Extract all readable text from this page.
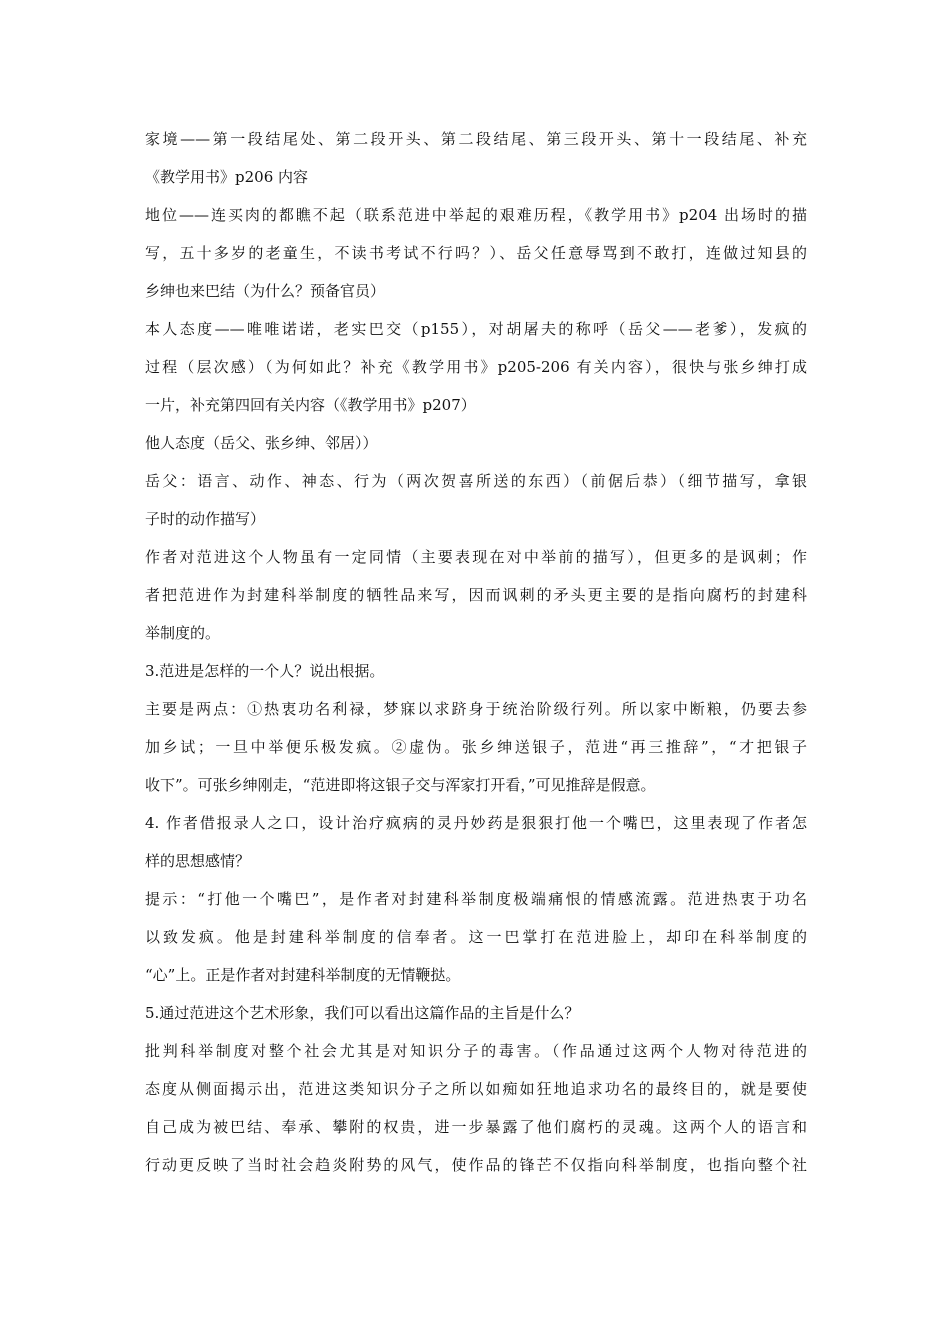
家境——第一段结尾处、第二段开头、第二段结尾、第三段开头、第十一段结尾、补充
《教学用书》p206 内容
地位——连买肉的都瞧不起（联系范进中举起的艰难历程，《教学用书》p204 出场时的描
写，五十多岁的老童生，不读书考试不行吗？）、岳父任意辱骂到不敢打，连做过知县的
乡绅也来巴结（为什么？预备官员）
本人态度——唯唯诺诺，老实巴交（p155），对胡屠夫的称呼（岳父——老爹），发疯的
过程（层次感）（为何如此？补充《教学用书》p205-206 有关内容），很快与张乡绅打成
一片，补充第四回有关内容（《教学用书》p207）
他人态度（岳父、张乡绅、邻居））
岳父：语言、动作、神态、行为（两次贺喜所送的东西）（前倨后恭）（细节描写，拿银
子时的动作描写）
作者对范进这个人物虽有一定同情（主要表现在对中举前的描写），但更多的是讽刺；作
者把范进作为封建科举制度的牺牲品来写，因而讽刺的矛头更主要的是指向腐朽的封建科
举制度的。
3.范进是怎样的一个人？说出根据。
主要是两点：①热衷功名利禄，梦寐以求跻身于统治阶级行列。所以家中断粮，仍要去参
加乡试；一旦中举便乐极发疯。②虚伪。张乡绅送银子，范进“再三推辞”，“才把银子
收下”。可张乡绅刚走，“范进即将这银子交与浑家打开看，”可见推辞是假意。
4. 作者借报录人之口，设计治疗疯病的灵丹妙药是狠狠打他一个嘴巴，这里表现了作者怎
样的思想感情？
提示：“打他一个嘴巴”，是作者对封建科举制度极端痛恨的情感流露。范进热衷于功名
以致发疯。他是封建科举制度的信奉者。这一巴掌打在范进脸上，却印在科举制度的
“心”上。正是作者对封建科举制度的无情鞭挞。
5.通过范进这个艺术形象，我们可以看出这篇作品的主旨是什么？
批判科举制度对整个社会尤其是对知识分子的毒害。（作品通过这两个人物对待范进的
态度从侧面揭示出，范进这类知识分子之所以如痴如狂地追求功名的最终目的，就是要使
自己成为被巴结、奉承、攀附的权贵，进一步暴露了他们腐朽的灵魂。这两个人的语言和
行动更反映了当时社会趋炎附势的风气，使作品的锋芒不仅指向科举制度，也指向整个社
